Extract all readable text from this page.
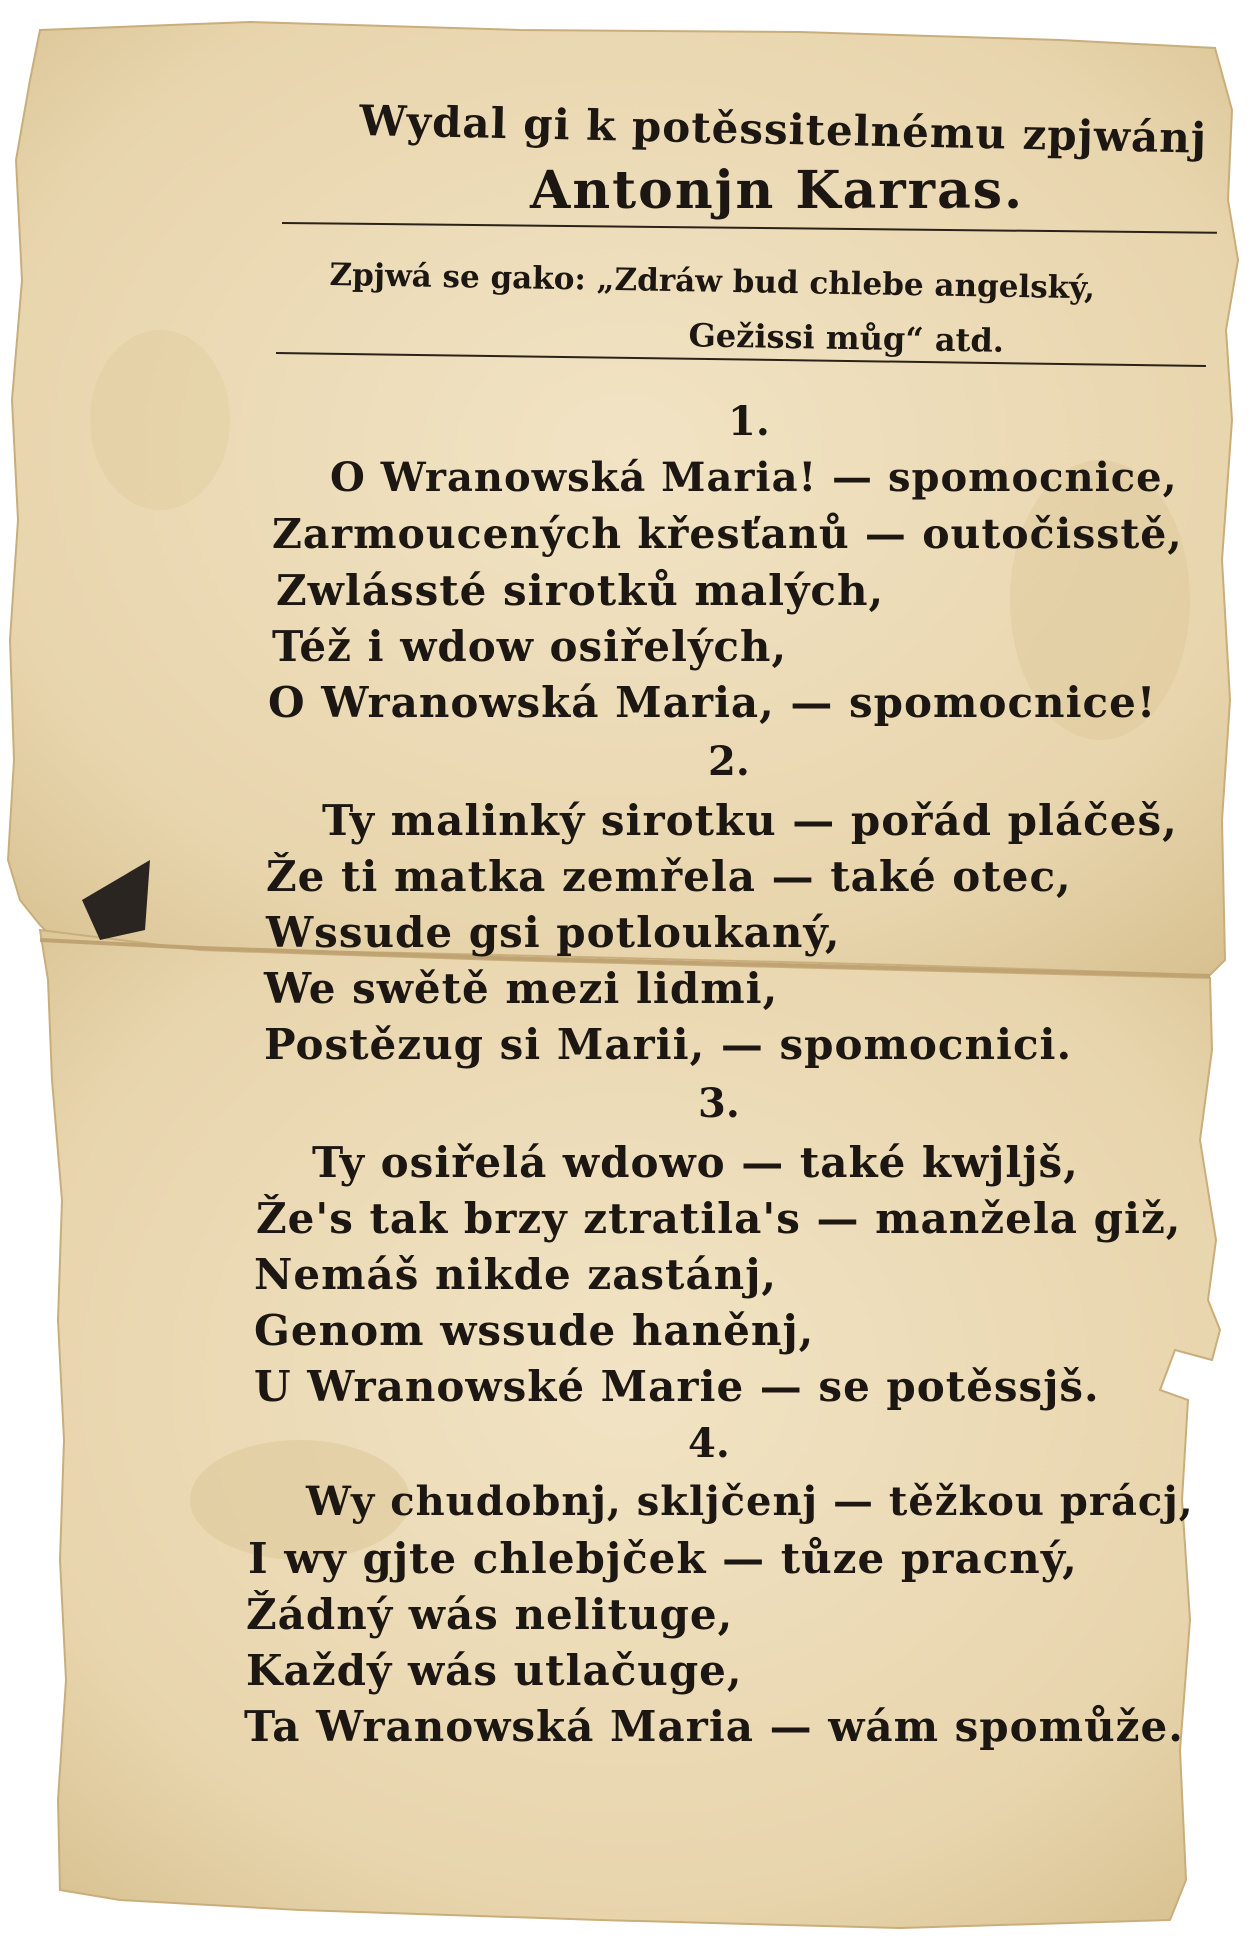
Wydal gi k potěssitelnému zpjwánj
Antonjn Karras.
Zpjwá se gako: „Zdráw bud chlebe angelský,
Gežissi můg“ atd.
1.
O Wranowská Maria! — spomocnice,
Zarmoucených křesťanů — outočisstě,
Zwlássté sirotků malých,
Též i wdow osiřelých,
O Wranowská Maria, — spomocnice!
2.
Ty malinký sirotku — pořád pláčeš,
Že ti matka zemřela — také otec,
Wssude gsi potloukaný,
We swětě mezi lidmi,
Postězug si Marii, — spomocnici.
3.
Ty osiřelá wdowo — také kwjljš,
Že's tak brzy ztratila's — manžela giž,
Nemáš nikde zastánj,
Genom wssude haněnj,
U Wranowské Marie — se potěssjš.
4.
Wy chudobnj, skljčenj — těžkou prácj,
I wy gjte chlebjček — tůze pracný,
Žádný wás nelituge,
Každý wás utlačuge,
Ta Wranowská Maria — wám spomůže.
